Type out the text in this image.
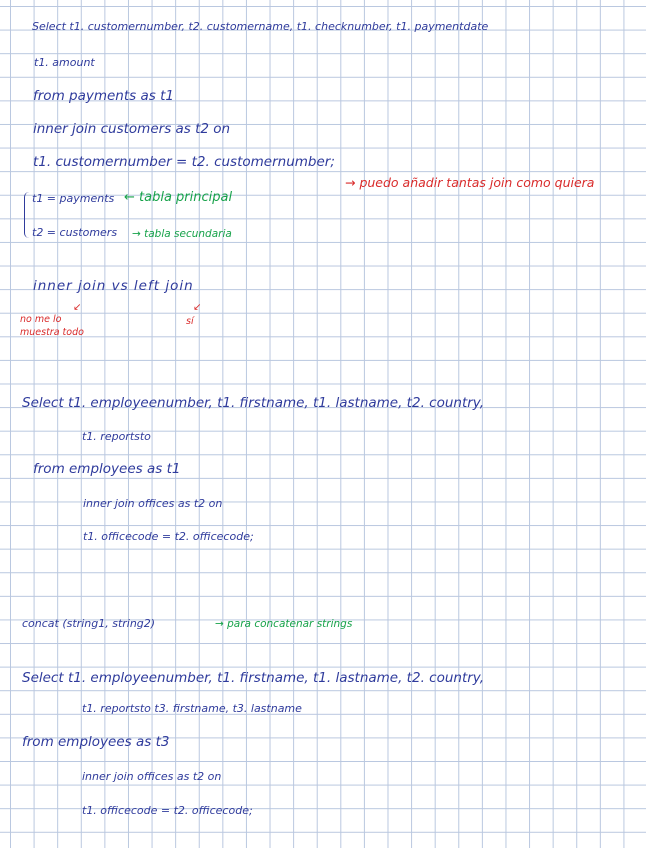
Select t1. customernumber, t2. customername, t1. checknumber, t1. paymentdate
t1. amount
from payments as t1
inner join customers as t2 on
t1. customernumber = t2. customernumber;
→ puedo añadir tantas join como quiera
t1 = payments ← tabla principal
t2 = customers → tabla secundaria
inner join vs left join
↙	↙
no me lo muestra todo
sí
Select t1. employeenumber, t1. firstname, t1. lastname, t2. country,
t1. reportsto
from employees as t1
inner join offices as t2 on
t1. officecode = t2. officecode;
concat (string1, string2)	→ para concatenar strings
Select t1. employeenumber, t1. firstname, t1. lastname, t2. country,
t1. reportsto t3. firstname, t3. lastname
from employees as t3
inner join offices as t2 on
t1. officecode = t2. officecode;
